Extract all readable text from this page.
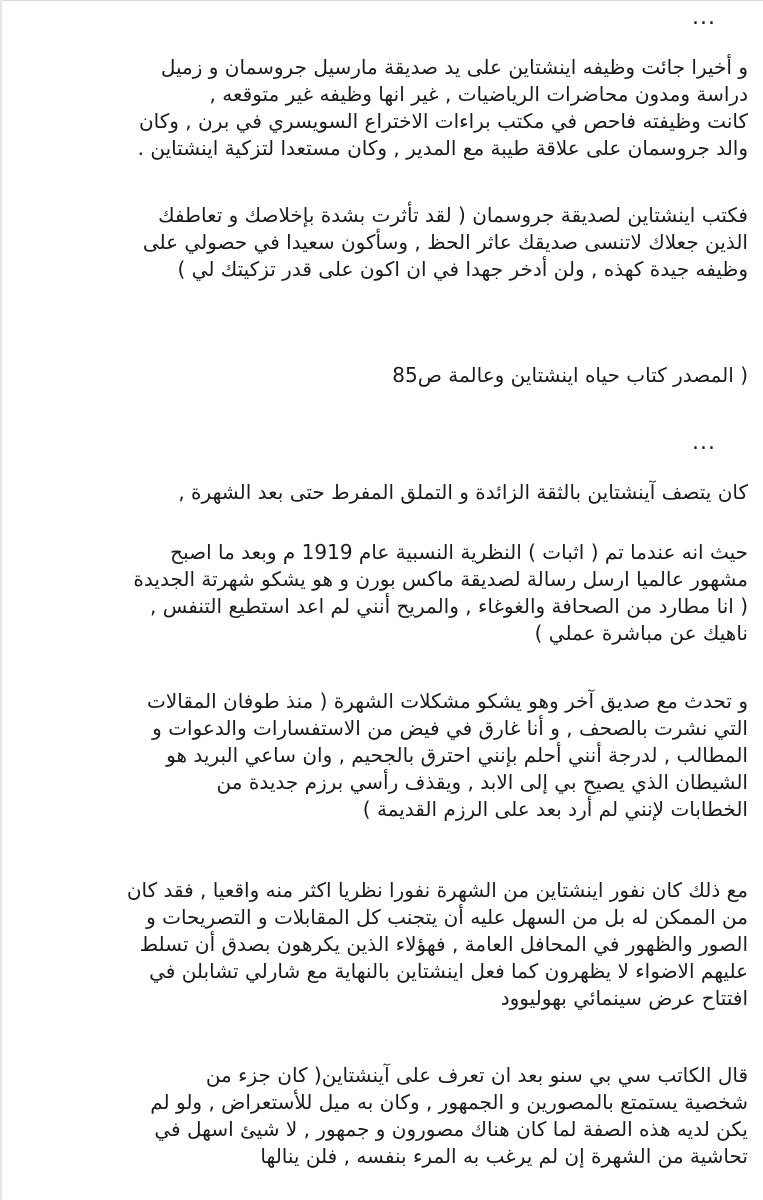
...
و أخيرا جائت وظيفه اينشتاين على يد صديقة مارسيل جروسمان و زميل
دراسة ومدون محاضرات الرياضيات , غير انها وظيفه غير متوقعه ,
كانت وظيفته فاحص في مكتب براءات الاختراع السويسري في برن , وكان
والد جروسمان على علاقة طيبة مع المدير , وكان مستعدا لتزكية اينشتاين .
فكتب اينشتاين لصديقة جروسمان ( لقد تأثرت بشدة بإخلاصك و تعاطفك
الذين جعلاك لاتنسى صديقك عاثر الحظ , وسأكون سعيدا في حصولي على
وظيفه جيدة كهذه , ولن أدخر جهدا في ان اكون على قدر تزكيتك لي )
( المصدر كتاب حياه اينشتاين وعالمة ص85
...
كان يتصف آينشتاين بالثقة الزائدة و التملق المفرط حتى بعد الشهرة ,
حيث انه عندما تم ( اثبات ) النظرية النسبية عام 1919 م وبعد ما اصبح
مشهور عالميا ارسل رسالة لصديقة ماكس بورن و هو يشكو شهرتة الجديدة
( انا مطارد من الصحافة والغوغاء , والمريح أنني لم اعد استطيع التنفس ,
ناهيك عن مباشرة عملي )
و تحدث مع صديق آخر وهو يشكو مشكلات الشهرة ( منذ طوفان المقالات
التي نشرت بالصحف , و أنا غارق في فيض من الاستفسارات والدعوات و
المطالب , لدرجة أنني أحلم بإنني احترق بالجحيم , وان ساعي البريد هو
الشيطان الذي يصيح بي إلى الابد , ويقذف رأسي برزم جديدة من
الخطابات لإنني لم أرد بعد على الرزم القديمة )
مع ذلك كان نفور اينشتاين من الشهرة نفورا نظريا اكثر منه واقعيا , فقد كان
من الممكن له بل من السهل عليه أن يتجنب كل المقابلات و التصريحات و
الصور والظهور في المحافل العامة , فهؤلاء الذين يكرهون بصدق أن تسلط
عليهم الاضواء لا يظهرون كما فعل اينشتاين بالنهاية مع شارلي تشابلن في
افتتاح عرض سينمائي بهوليوود
قال الكاتب سي بي سنو بعد ان تعرف على آينشتاين( كان جزء من
شخصية يستمتع بالمصورين و الجمهور , وكان به ميل للأستعراض , ولو لم
يكن لديه هذه الصفة لما كان هناك مصورون و جمهور , لا شيئ اسهل في
تحاشية من الشهرة إن لم يرغب به المرء بنفسه , فلن ينالها
